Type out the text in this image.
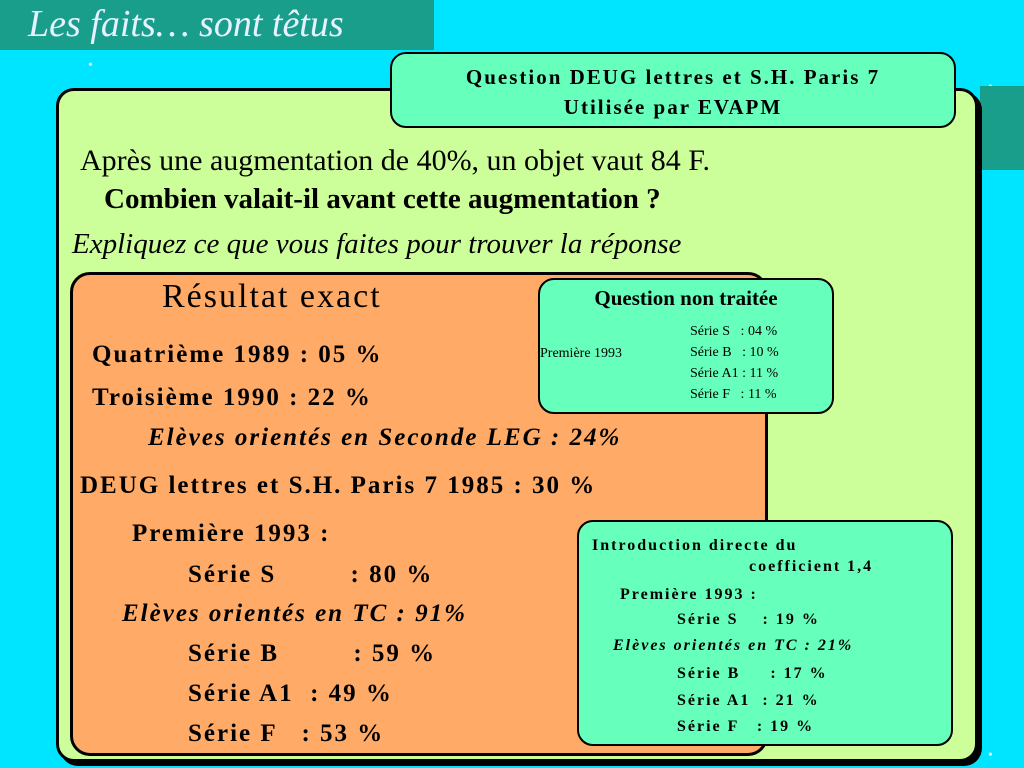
Les faits… sont têtus
•
•
Question DEUG lettres et S.H. Paris 7
Utilisée par EVAPM
Après une augmentation de 40%, un objet vaut 84 F.
Combien valait-il avant cette augmentation ?
Expliquez ce que vous faites pour trouver la réponse
Résultat exact
Quatrième 1989 : 05 %
Troisième 1990 : 22 %
Elèves orientés en Seconde LEG : 24%
DEUG lettres et S.H. Paris 7 1985 : 30 %
Première 1993 :
Série S         : 80 %
Elèves orientés en TC : 91%
Série B         : 59 %
Série A1  : 49 %
Série F   : 53 %
Question non traitée
Première 1993
Série S   : 04 %
Série B   : 10 %
Série A1 : 11 %
Série F   : 11 %
Introduction directe du
coefficient 1,4
Première 1993 :
Série S    : 19 %
Elèves orientés en TC : 21%
Série B     : 17 %
Série A1  : 21 %
Série F   : 19 %
